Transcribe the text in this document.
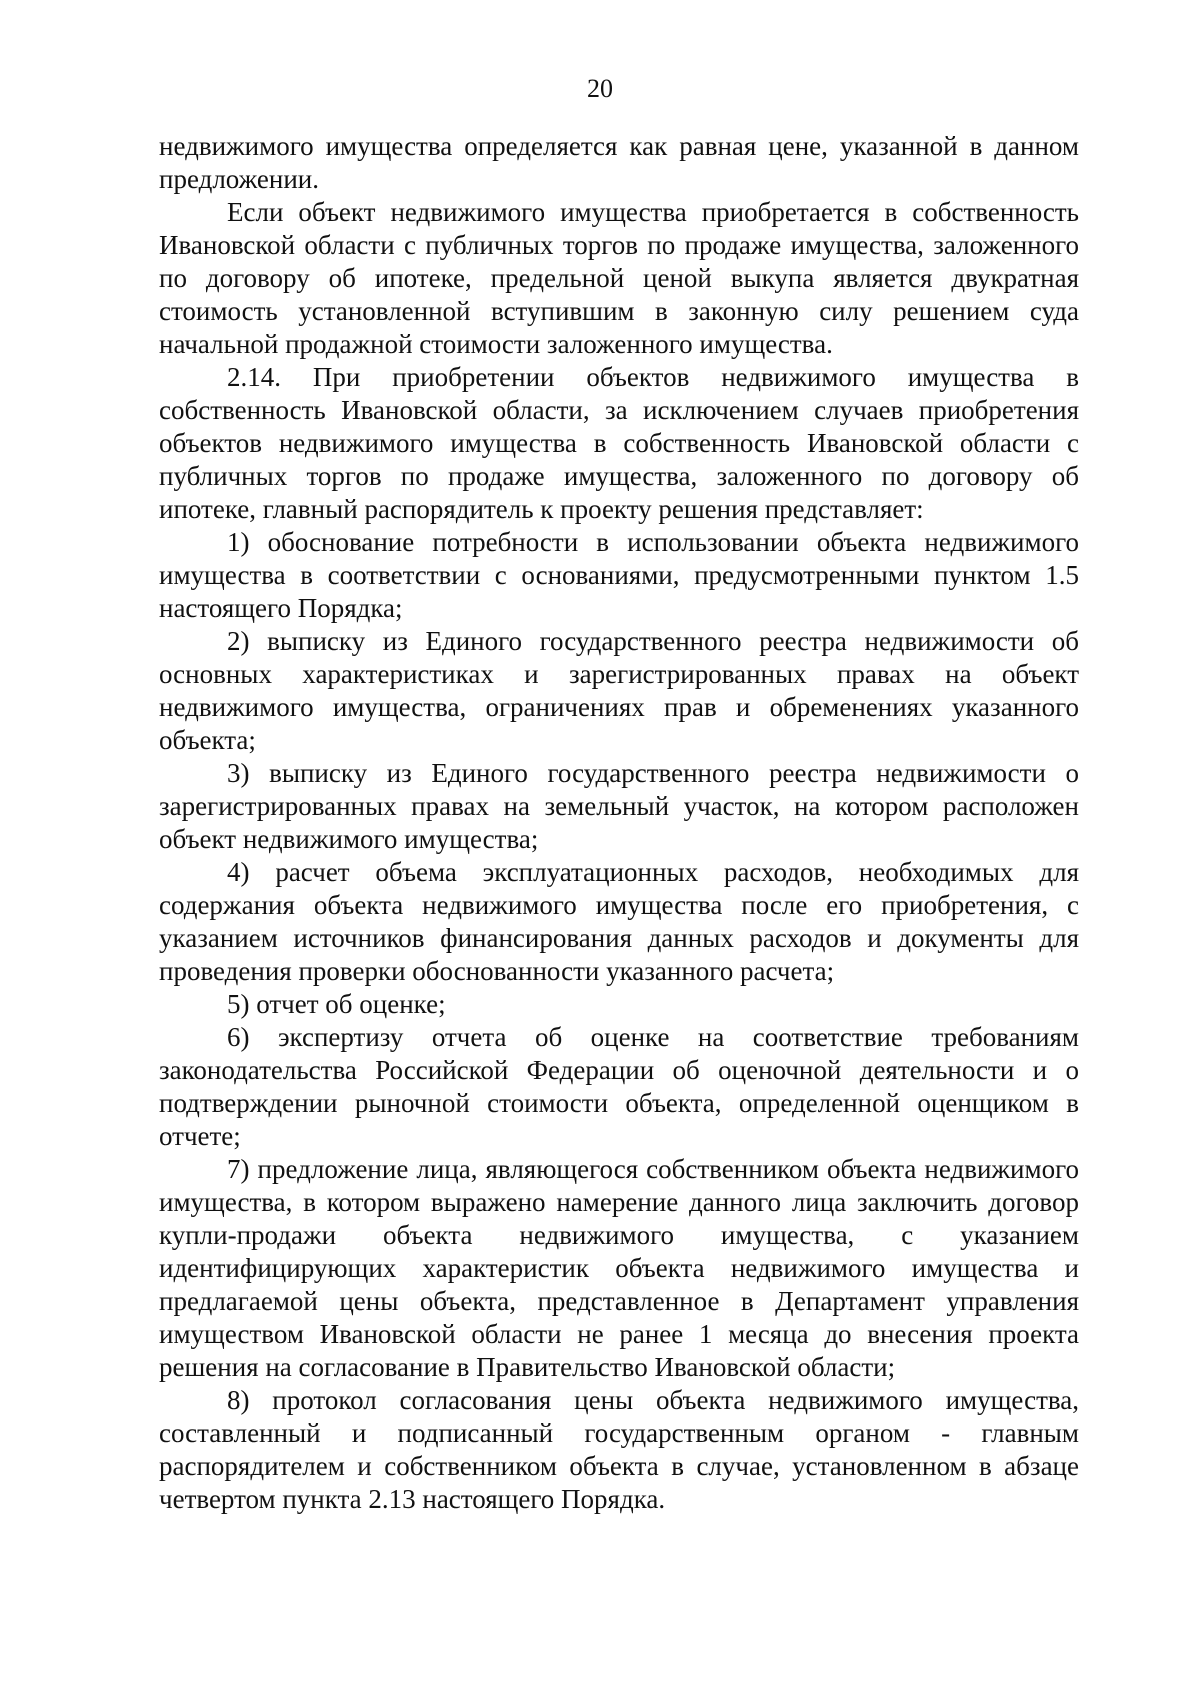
20

недвижимого имущества определяется как равная цене, указанной в данном предложении.

Если объект недвижимого имущества приобретается в собственность Ивановской области с публичных торгов по продаже имущества, заложенного по договору об ипотеке, предельной ценой выкупа является двукратная стоимость установленной вступившим в законную силу решением суда начальной продажной стоимости заложенного имущества.

2.14. При приобретении объектов недвижимого имущества в собственность Ивановской области, за исключением случаев приобретения объектов недвижимого имущества в собственность Ивановской области с публичных торгов по продаже имущества, заложенного по договору об ипотеке, главный распорядитель к проекту решения представляет:

1) обоснование потребности в использовании объекта недвижимого имущества в соответствии с основаниями, предусмотренными пунктом 1.5 настоящего Порядка;

2) выписку из Единого государственного реестра недвижимости об основных характеристиках и зарегистрированных правах на объект недвижимого имущества, ограничениях прав и обременениях указанного объекта;

3) выписку из Единого государственного реестра недвижимости о зарегистрированных правах на земельный участок, на котором расположен объект недвижимого имущества;

4) расчет объема эксплуатационных расходов, необходимых для содержания объекта недвижимого имущества после его приобретения, с указанием источников финансирования данных расходов и документы для проведения проверки обоснованности указанного расчета;

5) отчет об оценке;

6) экспертизу отчета об оценке на соответствие требованиям законодательства Российской Федерации об оценочной деятельности и о подтверждении рыночной стоимости объекта, определенной оценщиком в отчете;

7) предложение лица, являющегося собственником объекта недвижимого имущества, в котором выражено намерение данного лица заключить договор купли-продажи объекта недвижимого имущества, с указанием идентифицирующих характеристик объекта недвижимого имущества и предлагаемой цены объекта, представленное в Департамент управления имуществом Ивановской области не ранее 1 месяца до внесения проекта решения на согласование в Правительство Ивановской области;

8) протокол согласования цены объекта недвижимого имущества, составленный и подписанный государственным органом - главным распорядителем и собственником объекта в случае, установленном в абзаце четвертом пункта 2.13 настоящего Порядка.
